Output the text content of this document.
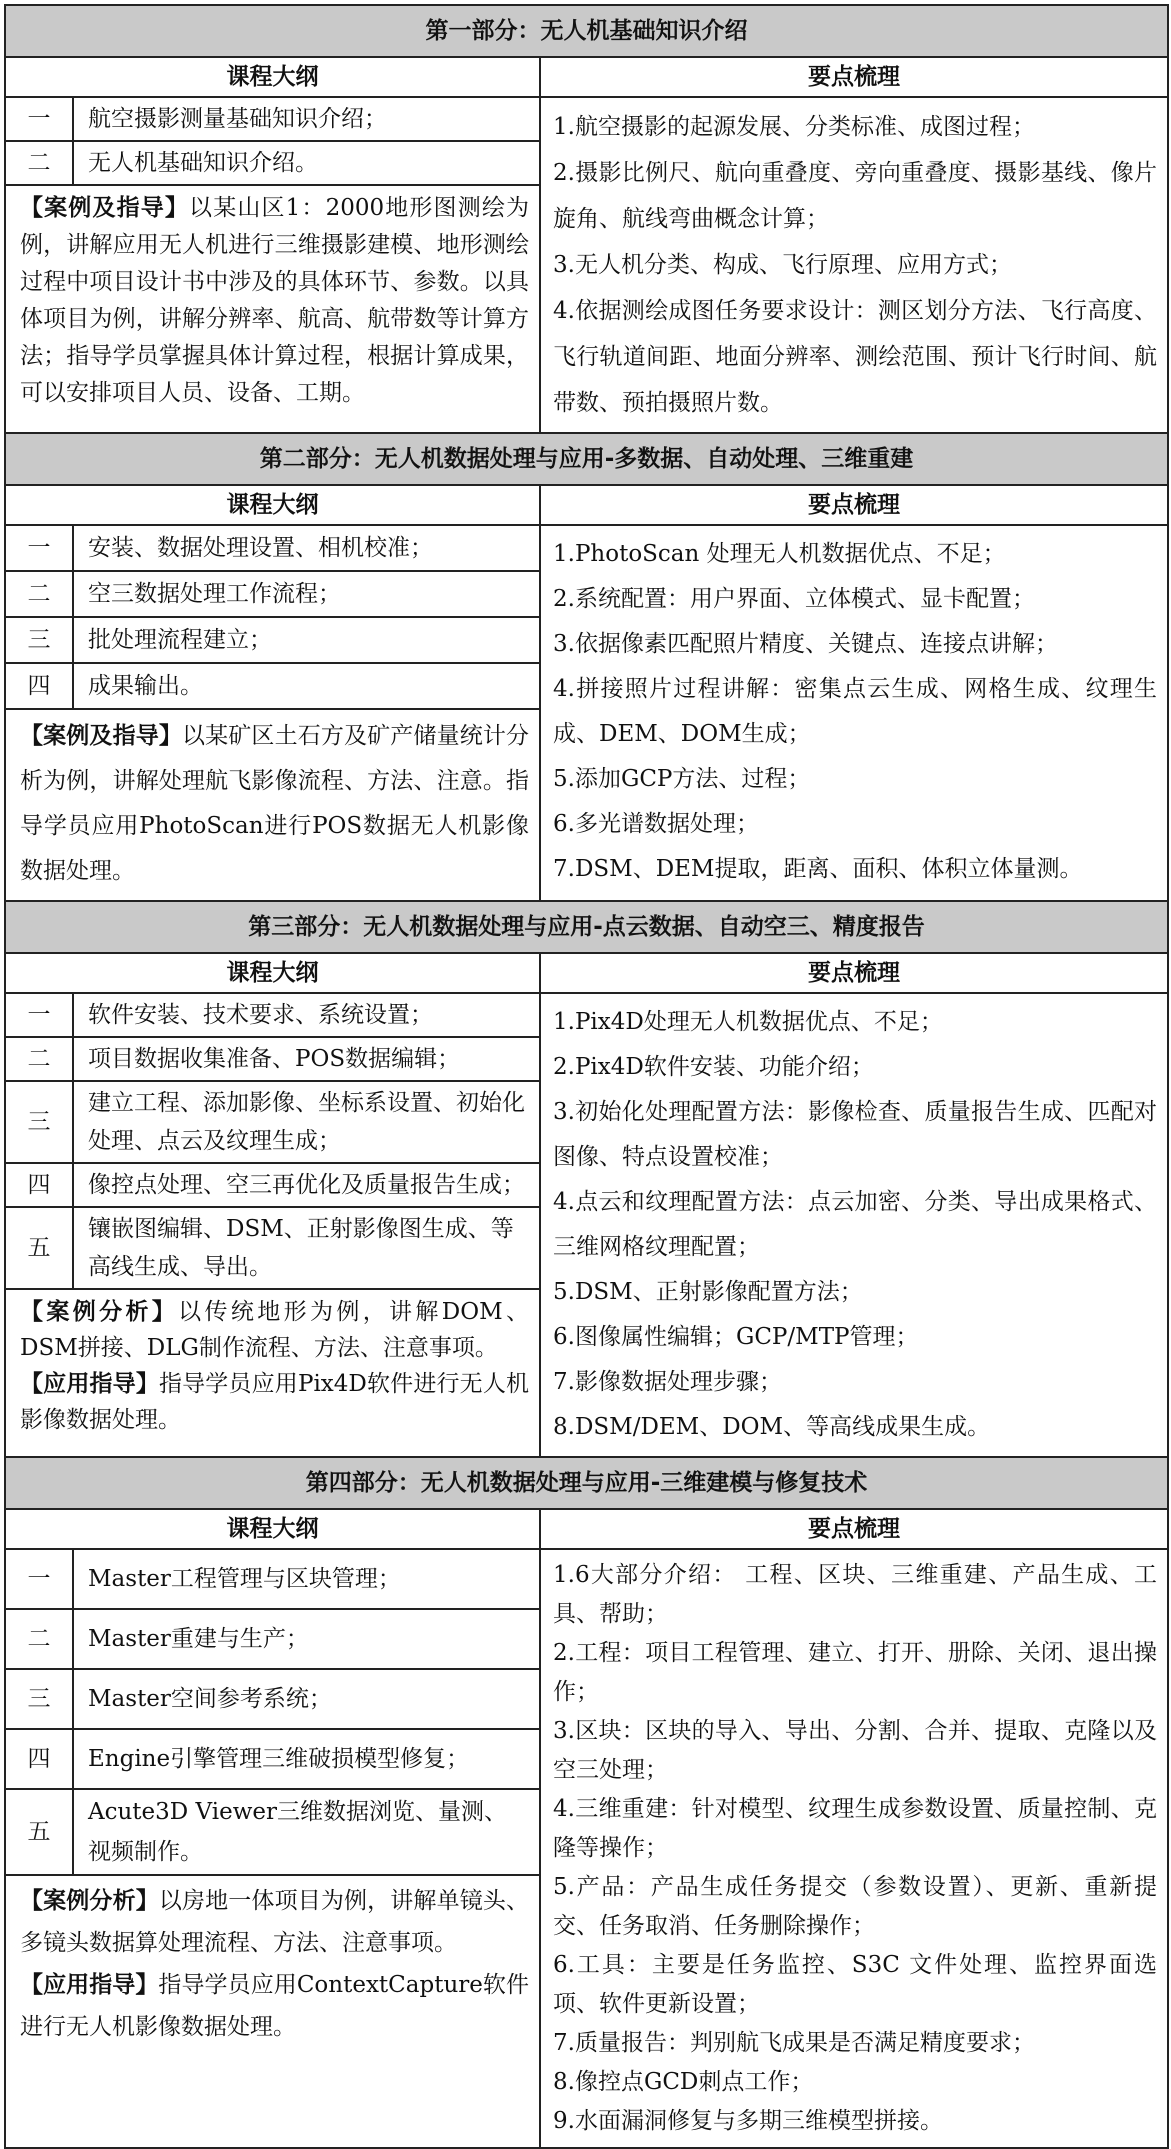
第一部分：无人机基础知识介绍
课程大纲	要点梳理

一	航空摄影测量基础知识介绍；
二	无人机基础知识介绍。
【案例及指导】以某山区1：2000地形图测绘为例，讲解应用无人机进行三维摄影建模、地形测绘过程中项目设计书中涉及的具体环节、参数。以具体项目为例，讲解分辨率、航高、航带数等计算方法；指导学员掌握具体计算过程，根据计算成果，可以安排项目人员、设备、工期。

1.航空摄影的起源发展、分类标准、成图过程；

2.摄影比例尺、航向重叠度、旁向重叠度、摄影基线、像片旋角、航线弯曲概念计算；

3.无人机分类、构成、飞行原理、应用方式；

4.依据测绘成图任务要求设计：测区划分方法、飞行高度、飞行轨道间距、地面分辨率、测绘范围、预计飞行时间、航带数、预拍摄照片数。

第二部分：无人机数据处理与应用-多数据、自动处理、三维重建
课程大纲	要点梳理

一	安装、数据处理设置、相机校准；
二	空三数据处理工作流程；
三	批处理流程建立；
四	成果输出。
【案例及指导】以某矿区土石方及矿产储量统计分析为例，讲解处理航飞影像流程、方法、注意。指导学员应用PhotoScan进行POS数据无人机影像数据处理。

1.PhotoScan 处理无人机数据优点、不足；

2.系统配置：用户界面、立体模式、显卡配置；

3.依据像素匹配照片精度、关键点、连接点讲解；

4.拼接照片过程讲解：密集点云生成、网格生成、纹理生成、DEM、DOM生成；

5.添加GCP方法、过程；

6.多光谱数据处理；

7.DSM、DEM提取，距离、面积、体积立体量测。

第三部分：无人机数据处理与应用-点云数据、自动空三、精度报告
课程大纲	要点梳理

一	软件安装、技术要求、系统设置；
二	项目数据收集准备、POS数据编辑；
三	建立工程、添加影像、坐标系设置、初始化处理、点云及纹理生成；
四	像控点处理、空三再优化及质量报告生成；
五	镶嵌图编辑、DSM、正射影像图生成、等高线生成、导出。
【案例分析】以传统地形为例，讲解DOM、DSM拼接、DLG制作流程、方法、注意事项。
【应用指导】指导学员应用Pix4D软件进行无人机影像数据处理。

1.Pix4D处理无人机数据优点、不足；

2.Pix4D软件安装、功能介绍；

3.初始化处理配置方法：影像检查、质量报告生成、匹配对图像、特点设置校准；

4.点云和纹理配置方法：点云加密、分类、导出成果格式、三维网格纹理配置；

5.DSM、正射影像配置方法；

6.图像属性编辑；GCP/MTP管理；

7.影像数据处理步骤；

8.DSM/DEM、DOM、等高线成果生成。

第四部分：无人机数据处理与应用-三维建模与修复技术
课程大纲	要点梳理

一	Master工程管理与区块管理；
二	Master重建与生产；
三	Master空间参考系统；
四	Engine引擎管理三维破损模型修复；
五	Acute3D Viewer三维数据浏览、量测、视频制作。
【案例分析】以房地一体项目为例，讲解单镜头、多镜头数据算处理流程、方法、注意事项。
【应用指导】指导学员应用ContextCapture软件进行无人机影像数据处理。

1.6大部分介绍： 工程、区块、三维重建、产品生成、工具、帮助；

2.工程：项目工程管理、建立、打开、册除、关闭、退出操作；

3.区块：区块的导入、导出、分割、合并、提取、克隆以及空三处理；

4.三维重建：针对模型、纹理生成参数设置、质量控制、克隆等操作；

5.产品：产品生成任务提交（参数设置）、更新、重新提交、任务取消、任务删除操作；

6.工具：主要是任务监控、S3C 文件处理、监控界面选项、软件更新设置；

7.质量报告：判别航飞成果是否满足精度要求；

8.像控点GCD刺点工作；

9.水面漏洞修复与多期三维模型拼接。
